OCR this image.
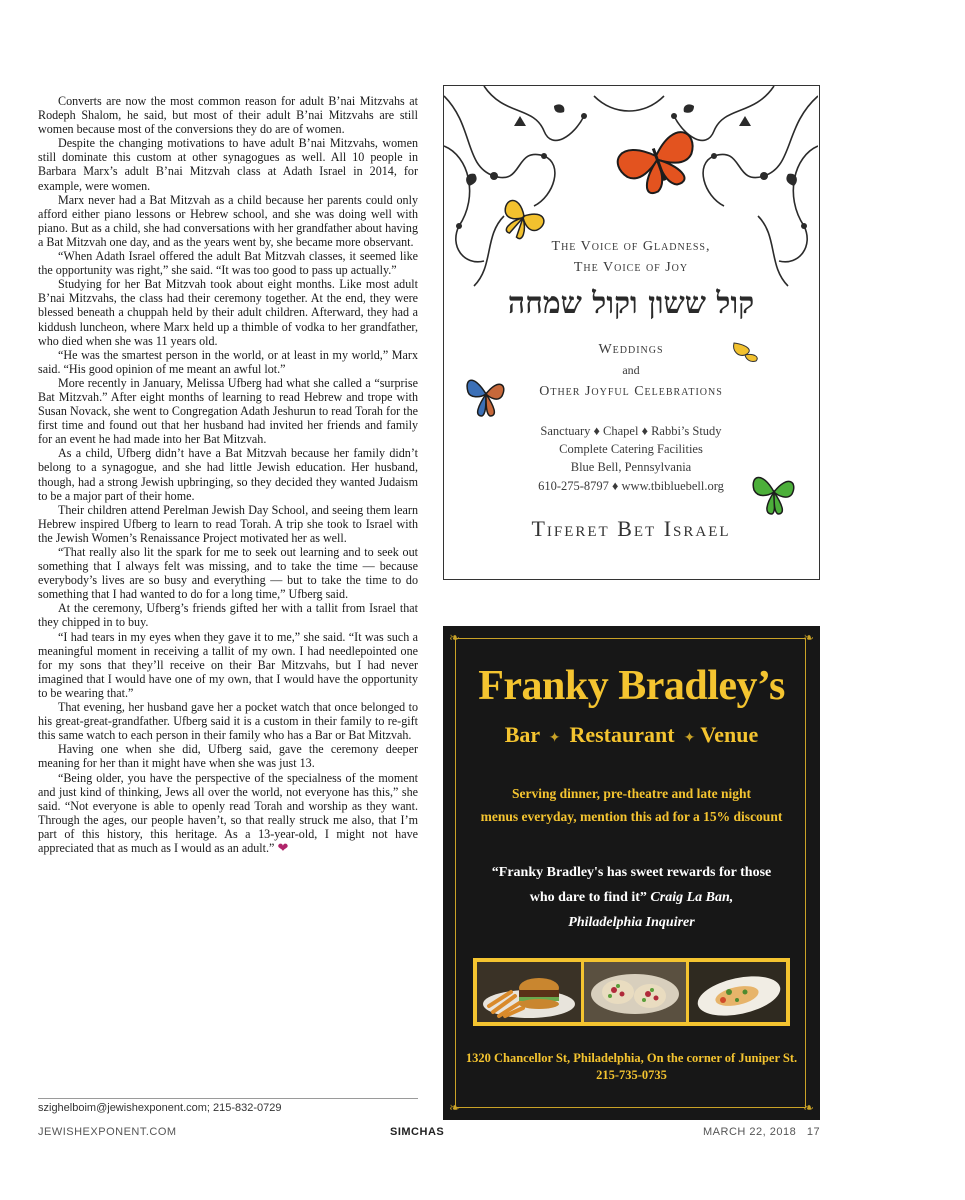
Converts are now the most common reason for adult B’nai Mitzvahs at Rodeph Shalom, he said, but most of their adult B’nai Mitzvahs are still women because most of the conversions they do are of women.

Despite the changing motivations to have adult B’nai Mitzvahs, women still dominate this custom at other synagogues as well. All 10 people in Barbara Marx’s adult B’nai Mitzvah class at Adath Israel in 2014, for example, were women.

Marx never had a Bat Mitzvah as a child because her parents could only afford either piano lessons or Hebrew school, and she was doing well with piano. But as a child, she had conversations with her grandfather about having a Bat Mitzvah one day, and as the years went by, she became more observant.

“When Adath Israel offered the adult Bat Mitzvah classes, it seemed like the opportunity was right,” she said. “It was too good to pass up actually.”

Studying for her Bat Mitzvah took about eight months. Like most adult B’nai Mitzvahs, the class had their ceremony together. At the end, they were blessed beneath a chuppah held by their adult children. Afterward, they had a kiddush luncheon, where Marx held up a thimble of vodka to her grandfather, who died when she was 11 years old.

“He was the smartest person in the world, or at least in my world,” Marx said. “His good opinion of me meant an awful lot.”

More recently in January, Melissa Ufberg had what she called a “surprise Bat Mitzvah.” After eight months of learning to read Hebrew and trope with Susan Novack, she went to Congregation Adath Jeshurun to read Torah for the first time and found out that her husband had invited her friends and family for an event he had made into her Bat Mitzvah.

As a child, Ufberg didn’t have a Bat Mitzvah because her family didn’t belong to a synagogue, and she had little Jewish education. Her husband, though, had a strong Jewish upbringing, so they decided they wanted Judaism to be a major part of their home.

Their children attend Perelman Jewish Day School, and seeing them learn Hebrew inspired Ufberg to learn to read Torah. A trip she took to Israel with the Jewish Women’s Renaissance Project motivated her as well.

“That really also lit the spark for me to seek out learning and to seek out something that I always felt was missing, and to take the time — because everybody’s lives are so busy and everything — but to take the time to do something that I had wanted to do for a long time,” Ufberg said.

At the ceremony, Ufberg’s friends gifted her with a tallit from Israel that they chipped in to buy.

“I had tears in my eyes when they gave it to me,” she said. “It was such a meaningful moment in receiving a tallit of my own. I had needlepointed one for my sons that they’ll receive on their Bar Mitzvahs, but I had never imagined that I would have one of my own, that I would have the opportunity to be wearing that.”

That evening, her husband gave her a pocket watch that once belonged to his great-great-grandfather. Ufberg said it is a custom in their family to re-gift this same watch to each person in their family who has a Bar or Bat Mitzvah.

Having one when she did, Ufberg said, gave the ceremony deeper meaning for her than it might have when she was just 13.

“Being older, you have the perspective of the specialness of the moment and just kind of thinking, Jews all over the world, not everyone has this,” she said. “Not everyone is able to openly read Torah and worship as they want. Through the ages, our people haven’t, so that really struck me also, that I’m part of this history, this heritage. As a 13-year-old, I might not have appreciated that as much as I would as an adult.” ❤

szighelboim@jewishexponent.com; 215-832-0729
JEWISHEXPONENT.COM	SIMCHAS	MARCH 22, 2018   17
The Voice of Gladness,
The Voice of Joy
קול ששון וקול שמחה
Weddings
and
Other Joyful Celebrations
Sanctuary ♦ Chapel ♦ Rabbi’s Study
Complete Catering Facilities
Blue Bell, Pennsylvania
610-275-8797 ♦ www.tbibluebell.org
Tiferet Bet Israel
❧	❧
❧	❧
Franky Bradley’s
Bar  ✦  Restaurant  ✦ Venue
Serving dinner, pre-theatre and late night
menus everyday, mention this ad for a 15% discount
“Franky Bradley's has sweet rewards for those
who dare to find it” Craig La Ban,
Philadelphia Inquirer
1320 Chancellor St, Philadelphia, On the corner of Juniper St.
215-735-0735
